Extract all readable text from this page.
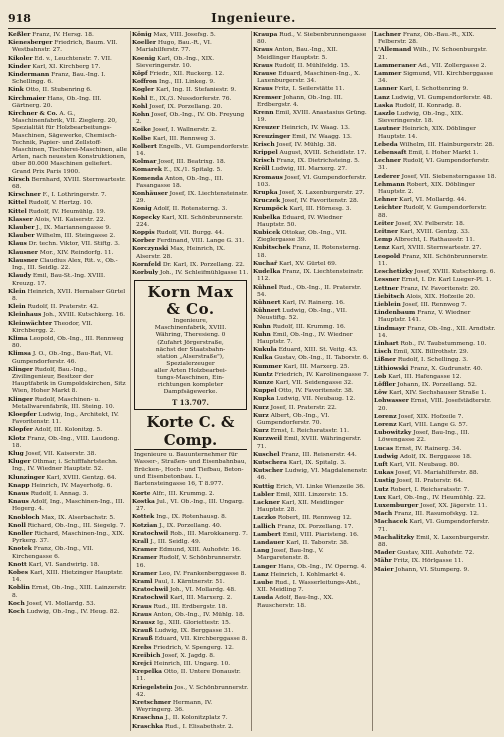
918	Ingenieure.

Keßler Franz, IV. Hersg. 18.

Kienesberger Friedrich, Baum. VII. Westbahnstr. 27.

Kikoler Ed. v., Leuchtenstr. 7. VII.

Kinder Karl, XI. Kirchberg 17.

Kindermann Franz, Bau.-Ing. I. Schellingg. 6.

Kink Otto, II. Stubenring 6.

Kirchmaier Hans, Ob.-Ing. III. Gärtnerg. 20.

Kirchner & Co. A. G., Maschinenfabrik, VII. Zieglerg. 20, Spezialität für Holzbearbeitungs-Maschinen, Sägewerke, Chemisch-Technik, Papier- und Zellstoff-Maschinen, Tischlerei-Maschinen, alle Arten, nach neuesten Konstruktionen, über 80.000 Maschinen geliefert. Grand Prix Paris 1900.

Kirsch Bernhard, XVIII. Sternwartestr. 68.

Kirschner F., I. Lothringerstr. 7.

Kittel Rudolf, V. Hertzg. 10.

Kittel Rudolf, IV. Heumühlg. 19.

Klasser Alois, VII. Kaiserstr. 22.

Klauber J., IX. Mariannengasse 9.

Klauber Wilhelm, III. Steingasse 2.

Klaus Dr. techn. Viktor, VII. Stiftg. 3.

Klausner Mor., XIV. Reindorfg. 11.

Klausner Claudius Alex, Rit. v., Ob.-Ing., III. Seidlg. 22.

Klaudy Emil, Bau-St.-Ing. XVIII. Kreuzg. 17.

Klein Heinrich, XVII. Hernalser Gürtel 8.

Klein Rudolf, II. Praterstr. 42.

Kleinhaus Joh., XVIII. Kutschkerg. 16.

Kleinwächter Theodor, VII. Kirchbergg. 2.

Klima Leopold, Ob.-Ing., III. Rennweg 80.

Klimsa J. O., Ob.-Ing., Bau-Rat, VI. Gumpendorferstr. 46.

Klinger Rudolf, Bau.-Ing., Zivilingenieur, Besitzer der Hauptfabrik in Gumpoldskirchen, Sitz Wien, Hoher Markt 8.

Klinger Rudolf, Maschinen- u. Metallwarenfabrik, III. Steing. 10.

Kloepfer Ludwig, Ing., Architekt, IV. Favoritenstr. 11.

Klopfer Adolf, III. Kolonitzg. 5.

Klotz Franz, Ob.-Ing., VIII. Laudong. 18.

Klug Josef, VII. Kaiserstr. 38.

Kluger Othmar, i. Schifffahrtstechn. Ing., IV. Wiedner Hauptstr. 52.

Klunzinger Karl, XVIII. Gentzg. 64.

Knapp Heinrich, IV. Mayerhofg. 6.

Knaus Rudolf, I. Annag. 3.

Knaus Adolf, Ing., Maschinen-Ing., III. Hegerg. 4.

Knobloch Max, IX. Alserbachstr. 5.

Knoll Richard, Ob.-Ing., III. Siegelg. 7.

Knoller Richard, Maschinen-Ing., XIX. Pyrkerg. 37.

Knotek Franz, Ob.-Ing., VII. Kirchengasse 6.

Knott Karl, VI. Sandwirtg. 18.

Kobes Karl, XIII. Hietzinger Hauptstr. 14.

Koblin Ernst, Ob.-Ing., XIII. Lainzerstr. 8.

Koch Josef, VI. Mollardg. 53.

Koch Ludwig, Ob.-Ing., IV. Heug. 82.

König Max, VIII. Josefsg. 5.

Koeller Hugo, Bau.-R., VI. Mariahilferstr. 77.

Koenig Karl, Ob.-Ing., XIX. Sieveringerstr. 10.

Köpf Friedr., XII. Ruckerg. 12.

Koffron Ing., III. Linkeg. 9.

Kogler Karl, Ing. II. Stefaniestr. 9.

Kohl E., IX./3. Nussdorferstr. 76.

Kohl Josef, IX. Porzellang. 20.

Kohn Josef, Ob.-Ing., IV. Ob. Freyung 2.

Koike Josef, I. Wallnerstr. 2.

Kolbe Karl, III. Rennweg 3.

Kolbert Engelb., VI. Gumpendorferstr. 14.

Kolmar Josef, III. Beatrixg. 18.

Komarek E., IX./1. Spitalg. 5.

Komenda Anton, Ob.-Ing., III. Fasangasse 18.

Konhäuser Josef, IX. Liechtensteinstr. 29.

Konig Adolf, II. Rotensterng. 3.

Kopecky Karl, XII. Schönbrunnerstr. 224.

Koppis Rudolf, VII. Burgg. 44.

Korber Ferdinand, VIII. Lange G. 31.

Korczynski Max, Heinrich, IX. Alserstr. 28.

Kornfeld Dr. Karl, IX. Porzellang. 22.

Korbuly Joh., IV. Schleifmühlgasse 11.

Korn Max & Co.
Ingenieure,
Maschinenfabrik, XVIII.
Währing, Theresieng. 0
(Zufahrt Jörgerstraße,
nächst der Staatsbahn-
station „Alserstraße"),
Spezialerzeuger
aller Arten Holzbearbei-
tungs-Maschinen, Ein-
richtungen kompleter
Dampfsägewerke.
T 13.707.
Korte C. & Comp.
Ingenieure u. Bauunternehmer für Wasser-, Straßen- und Eisenbahnbau, Brücken-, Hoch- und Tiefbau, Beton- und Eisenbetonbau. I., Bartensteingasse 16, T 8.977.

Korte Alfr., III. Krummg. 2.

Kostka Jul., VI. Ob.-Ing., III. Ungarg. 27.

Kottek Ing., IX. Rotenhausg. 8.

Kotzian J., IX. Porzellang. 40.

Kratochwil Rob., III. Marokkanerg. 7.

Krall J., III. Seidlg. 49.

Kramer Edmund, XIII. Auhofstr. 16.

Kramer Rudolf, V. Schönbrunnerstr. 16.

Kramer Leo, IV. Frankenberggasse 8.

Kraml Paul, I. Kärntnerstr. 51.

Kratochwil Joh., VI. Mollardg. 48.

Kratochwil Karl, III. Marxerg. 2.

Kraus Rud., III. Erdbergstr. 18.

Kraus Anton, Ob.-Ing., IV. Mühlg. 18.

Krausz Ig., XIII. Gloriettestr. 15.

Krauß Ludwig, IX. Berggasse 31.

Krauß Eduard, VII. Kirchberggasse 8.

Krebs Friedrich, V. Spengerg. 12.

Kreibich Josef, X. Jagdg. 8.

Krejci Heinrich, III. Ungarg. 10.

Krepelka Otto, II. Untere Donaustr. 11.

Kriegelstein Jos., V. Schönbrunnerstr. 42.

Kretschmer Hermann, IV. Weyringerg. 36.

Kraschna J., II. Kolonitzplatz 7.

Kraschka Rud., I. Elisabethstr. 2.

Kraupa Rud., V. Siebenbrunnengasse 80.

Kraus Anton, Bau.-Ing., XII. Meidlinger Hauptstr. 5.

Kraus Rudolf, II. Mühlfeldg. 15.

Krause Eduard, Maschinen-Ing., X. Laxenburgerstr. 34.

Kraus Fritz, I. Seilerstätte 11.

Kremser Johann, Ob.-Ing. III. Erdbergstr. 4.

Krenn Emil, XVIII. Anastasius Grüng. 19.

Kreuzer Heinrich, IV. Waag. 13.

Kreuzinger Emil, IV. Waagg. 13.

Krisch Josef, IV. Mühlg. 38.

Krippel August, XVIII. Scheidlstr. 17.

Krisch Franz, IX. Dietrichsteing. 5.

Kröll Ludwig, III. Marxerg. 27.

Kromaus Josef, VI. Gumpendorferstr. 103.

Krupka Josef, X. Laxenburgerstr. 27.

Kruczek Josef, IV. Favoritenstr. 28.

Krumpöck Karl, III. Hörnesg. 3.

Kubelka Eduard, IV. Wiedner Hauptstr. 50.

Kubicek Ottokar, Ob.-Ing., VII. Zieglergasse 39.

Kubitschek Franz, II. Rotensterng. 18.

Kuchař Karl, XV. Gürtel 69.

Kudelka Franz, IX. Liechtensteinstr. 112.

Kühnel Rud., Ob.-Ing., II. Praterstr. 54.

Kühnert Karl, IV. Rainerg. 16.

Kühnert Ludwig, Ob.-Ing., VII. Neustiftg. 52.

Kuhn Rudolf, III. Krummg. 16.

Kuhn Emil, Ob.-Ing., IV. Wiedner Hauptstr. 7.

Kukula Eduard, XIII. St. Veitg. 43.

Kulka Gustav, Ob.-Ing., II. Taborstr. 6.

Kummer Karl, III. Marxerg. 25.

Kuntz Friedrich, IV. Karolinengasse 7.

Kunze Karl, VII. Seidengasse 32.

Kuppel Otto, IV. Favoritenstr. 38.

Kupka Ludwig, VII. Neubaug. 12.

Kurz Josef, II. Praterstr. 22.

Kurz Albert, Ob.-Ing., VI. Gumpendorferstr. 70.

Kurz Ernst, I. Reichsratsstr. 11.

Kurzweil Emil, XVIII. Währingerstr. 71.

Kuschel Franz, III. Reisnerstr. 44.

Kutschera Karl, IX. Spitalg. 3.

Kutscher Ludwig, VI. Magdalenenstr. 46.

Kuttig Erich, VI. Linke Wienzeile 36.

Labler Emil, XIII. Linzerstr. 15.

Lackner Karl, XII. Meidlinger Hauptstr. 28.

Laczko Robert, III. Rennweg 12.

Lallich Franz, IX. Porzellang. 17.

Lambert Emil, VIII. Piaristeng. 16.

Landauer Karl, II. Taborstr. 38.

Lang Josef, Bau-Ing., V. Margaretenstr. 8.

Langer Hans, Ob.-Ing., IV. Operng. 4.

Lanz Heinrich, I. Kohlmarkt 4.

Laube Rud., I. Wasserleitungs-Abt., XII. Meidling 7.

Lauda Adolf, Bau-Ing., XX. Rauscherstr. 18.

Lachner Franz, Ob.-Bau.-R., XIX. Felberstr. 28.

L'Allemand Wilh., IV. Schoenburgstr. 21.

Lammeraner Ad., VII. Zollergasse 2.

Lammer Sigmund, VII. Kirchberggasse 34.

Lanner Karl, I. Schottenring 9.

Lanz Ludwig, VI. Gumpendorferstr. 48.

Laska Rudolf, II. Konradg. 8.

Laszlo Ludwig, Ob.-Ing., XIX. Sieveringerstr. 18.

Lautner Heinrich, XIX. Döblinger Hauptstr. 14.

Lebeda Wilhelm, III. Hainburgerstr. 28.

Lebensaft Emil, I. Hoher Markt 1.

Lechner Rudolf, VI. Gumpendorferstr. 31.

Lederer Josef, VII. Siebensterngasse 18.

Lehmann Robert, XIX. Döblinger Hauptstr. 2.

Lehner Karl, VI. Mollardg. 44.

Leichter Rudolf, V. Gumpendorferstr. 88.

Leiter Josef, XV. Felberstr. 18.

Leitner Karl, XVIII. Gentzg. 33.

Lemp Albrecht, I. Rathausstr. 11.

Lenz Karl, XVIII. Sternwartestr. 27.

Leopold Franz, XII. Schönbrunnerstr. 11.

Leschetizky Josef, XVIII. Kutschkerg. 6.

Lessner Ernst, I. Dr. Karl Lueger-Pl. 1.

Lettner Franz, IV. Favoritenstr. 20.

Liebitsch Alois, XIX. Hofzeile 20.

Lieblein Josef, III. Rennweg 7.

Lindenbaum Franz, V. Wiedner Hauptstr. 141.

Lindmayr Franz, Ob.-Ing., XII. Arndtstr. 14.

Linhart Rob., IV. Taubstummeng. 10.

Lisch Emil, XIX. Billrothstr. 29.

Lißner Rudolf, I. Schellingg. 3.

Lithiowski Franz, X. Gudrunstr. 40.

Lob Karl, III. Hafengasse 12.

Löffler Johann, IX. Porzellang. 52.

Löw Karl, XIV. Sechshauser Straße 1.

Lohwasser Ernst, VIII. Josefstädterstr. 20.

Lorenz Josef, XIX. Hofzeile 7.

Lorenz Karl, VIII. Lange G. 57.

Lubowitzky Josef, Bau-Ing., III. Löwengasse 22.

Lucas Ernst, IV. Rainerg. 34.

Ludwig Adolf, IX. Berggasse 18.

Luft Karl, VII. Neubaug. 80.

Lukas Josef, VI. Mariahilferstr. 88.

Lustig Josef, II. Praterstr. 64.

Lutz Robert, I. Reichsratsstr. 7.

Lux Karl, Ob.-Ing., IV. Heumühlg. 22.

Luxemburger Josef, XX. Jägerstr. 11.

Mach Franz, III. Rasumofskyg. 12.

Machacek Karl, VI. Gumpendorferstr. 71.

Machalitzky Emil, X. Laxenburgerstr. 88.

Mader Gustav, XIII. Auhofstr. 72.

Mähr Fritz, IX. Hörlgasse 11.

Maier Johann, VI. Stumperg. 9.
